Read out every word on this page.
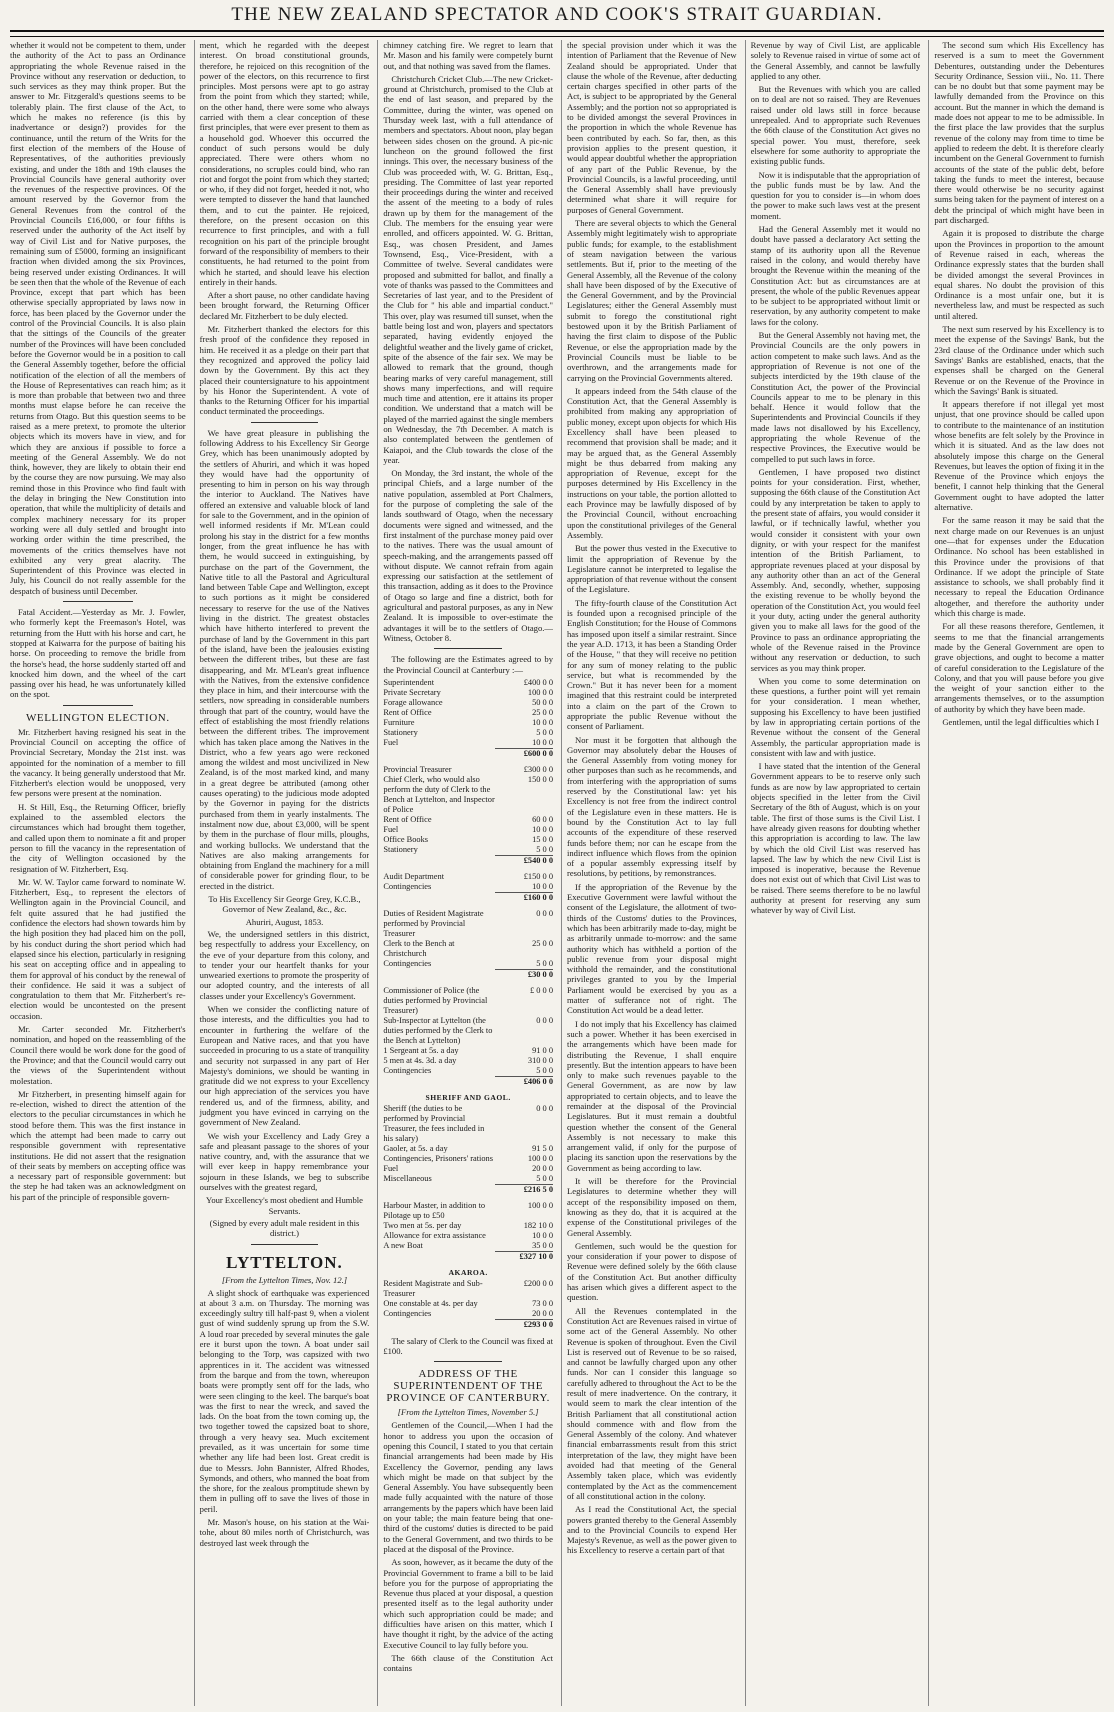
THE NEW ZEALAND SPECTATOR AND COOK'S STRAIT GUARDIAN.

whether it would not be competent to them, under the authority of the Act to pass an Ordinance appropriating the whole Revenue raised in the Province without any reservation or deduction, to such services as they may think proper. But the answer to Mr. Fitzgerald's questions seems to be tolerably plain. The first clause of the Act, to which he makes no reference (is this by inadvertance or design?) provides for the continuance, until the return of the Writs for the first election of the members of the House of Representatives, of the authorities previously existing, and under the 18th and 19th clauses the Provincial Councils have general authority over the revenues of the respective provinces. Of the amount reserved by the Governor from the General Revenues from the control of the Provincial Councils £16,000, or four fifths is reserved under the authority of the Act itself by way of Civil List and for Native purposes, the remaining sum of £5000, forming an insignificant fraction when divided among the six Provinces, being reserved under existing Ordinances. It will be seen then that the whole of the Revenue of each Province, except that part which has been otherwise specially appropriated by laws now in force, has been placed by the Governor under the control of the Provincial Councils. It is also plain that the sittings of the Councils of the greater number of the Provinces will have been concluded before the Governor would be in a position to call the General Assembly together, before the official notification of the election of all the members of the House of Representatives can reach him; as it is more than probable that between two and three months must elapse before he can receive the returns from Otago. But this question seems to be raised as a mere pretext, to promote the ulterior objects which its movers have in view, and for which they are anxious if possible to force a meeting of the General Assembly. We do not think, however, they are likely to obtain their end by the course they are now pursuing. We may also remind those in this Province who find fault with the delay in bringing the New Constitution into operation, that while the multiplicity of details and complex machinery necessary for its proper working were all duly settled and brought into working order within the time prescribed, the movements of the critics themselves have not exhibited any very great alacrity. The Superintendent of this Province was elected in July, his Council do not really assemble for the despatch of business until December.

Fatal Accident.—Yesterday as Mr. J. Fowler, who formerly kept the Freemason's Hotel, was returning from the Hutt with his horse and cart, he stopped at Kaiwarra for the purpose of baiting his horse. On proceeding to remove the bridle from the horse's head, the horse suddenly started off and knocked him down, and the wheel of the cart passing over his head, he was unfortunately killed on the spot.

WELLINGTON ELECTION.

Mr. Fitzherbert having resigned his seat in the Provincial Council on accepting the office of Provincial Secretary, Monday the 21st inst. was appointed for the nomination of a member to fill the vacancy. It being generally understood that Mr. Fitzherbert's election would be unopposed, very few persons were present at the nomination.

H. St Hill, Esq., the Returning Officer, briefly explained to the assembled electors the circumstances which had brought them together, and called upon them to nominate a fit and proper person to fill the vacancy in the representation of the city of Wellington occasioned by the resignation of W. Fitzherbert, Esq.

Mr. W. W. Taylor came forward to nominate W. Fitzherbert, Esq., to represent the electors of Wellington again in the Provincial Council, and felt quite assured that he had justified the confidence the electors had shown towards him by the high position they had placed him on the poll, by his conduct during the short period which had elapsed since his election, particularly in resigning his seat on accepting office and in appealing to them for approval of his conduct by the renewal of their confidence. He said it was a subject of congratulation to them that Mr. Fitzherbert's re-election would be uncontested on the present occasion.

Mr. Carter seconded Mr. Fitzherbert's nomination, and hoped on the reassembling of the Council there would be work done for the good of the Province; and that the Council would carry out the views of the Superintendent without molestation.

Mr Fitzherbert, in presenting himself again for re-election, wished to direct the attention of the electors to the peculiar circumstances in which he stood before them. This was the first instance in which the attempt had been made to carry out responsible government with representative institutions. He did not assert that the resignation of their seats by members on accepting office was a necessary part of responsible government: but the step he had taken was an acknowledgment on his part of the principle of responsible govern-

ment, which he regarded with the deepest interest. On broad constitutional grounds, therefore, he rejoiced on this recognition of the power of the electors, on this recurrence to first principles. Most persons were apt to go astray from the point from which they started; while, on the other hand, there were some who always carried with them a clear conception of these first principles, that were ever present to them as a household god. Whoever this occurred the conduct of such persons would be duly appreciated. There were others whom no considerations, no scruples could bind, who ran riot and forgot the point from which they started; or who, if they did not forget, heeded it not, who were tempted to dissever the hand that launched them, and to cut the painter. He rejoiced, therefore, on the present occasion on this recurrence to first principles, and with a full recognition on his part of the principle brought forward of the responsibility of members to their constituents, he had returned to the point from which he started, and should leave his election entirely in their hands.

After a short pause, no other candidate having been brought forward, the Returning Officer declared Mr. Fitzherbert to be duly elected.

Mr. Fitzherbert thanked the electors for this fresh proof of the confidence they reposed in him. He received it as a pledge on their part that they recognized and approved the policy laid down by the Government. By this act they placed their countersignature to his appointment by his Honor the Superintendent. A vote of thanks to the Returning Officer for his impartial conduct terminated the proceedings.

We have great pleasure in publishing the following Address to his Excellency Sir George Grey, which has been unanimously adopted by the settlers of Ahuriri, and which it was hoped they would have had the opportunity of presenting to him in person on his way through the interior to Auckland. The Natives have offered an extensive and valuable block of land for sale to the Government, and in the opinion of well informed residents if Mr. M'Lean could prolong his stay in the district for a few months longer, from the great influence he has with them, he would succeed in extinguishing, by purchase on the part of the Government, the Native title to all the Pastoral and Agricultural land between Table Cape and Wellington, except to such portions as it might be considered necessary to reserve for the use of the Natives living in the district. The greatest obstacles which have hitherto interfered to prevent the purchase of land by the Government in this part of the island, have been the jealousies existing between the different tribes, but these are fast disappearing, and Mr. M'Lean's great influence with the Natives, from the extensive confidence they place in him, and their intercourse with the settlers, now spreading in considerable numbers through that part of the country, would have the effect of establishing the most friendly relations between the different tribes. The improvement which has taken place among the Natives in the District, who a few years ago were reckoned among the wildest and most uncivilized in New Zealand, is of the most marked kind, and many in a great degree be attributed (among other causes operating) to the judicious mode adopted by the Governor in paying for the districts purchased from them in yearly instalments. The instalment now due, about £3,000, will be spent by them in the purchase of flour mills, ploughs, and working bullocks. We understand that the Natives are also making arrangements for obtaining from England the machinery for a mill of considerable power for grinding flour, to be erected in the district.

To His Excellency Sir George Grey, K.C.B., Governor of New Zealand, &c., &c.
Ahuriri, August, 1853.

We, the undersigned settlers in this district, beg respectfully to address your Excellency, on the eve of your departure from this colony, and to tender your our heartfelt thanks for your unwearied exertions to promote the prosperity of our adopted country, and the interests of all classes under your Excellency's Government.

When we consider the conflicting nature of those interests, and the difficulties you had to encounter in furthering the welfare of the European and Native races, and that you have succeeded in procuring to us a state of tranquility and security not surpassed in any part of Her Majesty's dominions, we should be wanting in gratitude did we not express to your Excellency our high appreciation of the services you have rendered us, and of the firmness, ability, and judgment you have evinced in carrying on the government of New Zealand.

We wish your Excellency and Lady Grey a safe and pleasant passage to the shores of your native country, and, with the assurance that we will ever keep in happy remembrance your sojourn in these Islands, we beg to subscribe ourselves with the greatest regard,

Your Excellency's most obedient and Humble Servants.
(Signed by every adult male resident in this district.)
LYTTELTON.
[From the Lyttelton Times, Nov. 12.]

A slight shock of earthquake was experienced at about 3 a.m. on Thursday. The morning was exceedingly sultry till half-past 9, when a violent gust of wind suddenly sprung up from the S.W. A loud roar preceded by several minutes the gale ere it burst upon the town. A boat under sail belonging to the Torp, was capsized with two apprentices in it. The accident was witnessed from the barque and from the town, whereupon boats were promptly sent off for the lads, who were seen clinging to the keel. The barque's boat was the first to near the wreck, and saved the lads. On the boat from the town coming up, the two together towed the capsized boat to shore, through a very heavy sea. Much excitement prevailed, as it was uncertain for some time whether any life had been lost. Great credit is due to Messrs. John Bannister, Alfred Rhodes, Symonds, and others, who manned the boat from the shore, for the zealous promptitude shewn by them in pulling off to save the lives of those in peril.

Mr. Mason's house, on his station at the Wai-tohe, about 80 miles north of Christchurch, was destroyed last week through the

chimney catching fire. We regret to learn that Mr. Mason and his family were competely burnt out, and that nothing was saved from the flames.

Christchurch Cricket Club.—The new Cricket-ground at Christchurch, promised to the Club at the end of last season, and prepared by the Committee, during the winter, was opened on Thursday week last, with a full attendance of members and spectators. About noon, play began between sides chosen on the ground. A pic-nic luncheon on the ground followed the first innings. This over, the necessary business of the Club was proceeded with, W. G. Brittan, Esq., presiding. The Committee of last year reported their proceedings during the winter and received the assent of the meeting to a body of rules drawn up by them for the management of the Club. The members for the ensuing year were enrolled, and officers appointed. W. G. Brittan, Esq., was chosen President, and James Townsend, Esq., Vice-President, with a Committee of twelve. Several candidates were proposed and submitted for ballot, and finally a vote of thanks was passed to the Committees and Secretaries of last year, and to the President of the Club for " his able and impartial conduct." This over, play was resumed till sunset, when the battle being lost and won, players and spectators separated, having evidently enjoyed the delightful weather and the lively game of cricket, spite of the absence of the fair sex. We may be allowed to remark that the ground, though bearing marks of very careful management, still shows many imperfections, and will require much time and attention, ere it attains its proper condition. We understand that a match will be played of the married against the single members on Wednesday, the 7th December. A match is also contemplated between the gentlemen of Kaiapoi, and the Club towards the close of the year.

On Monday, the 3rd instant, the whole of the principal Chiefs, and a large number of the native population, assembled at Port Chalmers, for the purpose of completing the sale of the lands southward of Otago, when the necessary documents were signed and witnessed, and the first instalment of the purchase money paid over to the natives. There was the usual amount of speech-making, and the arrangements passed off without dispute. We cannot refrain from again expressing our satisfaction at the settlement of this transaction, adding as it does to the Province of Otago so large and fine a district, both for agricultural and pastoral purposes, as any in New Zealand. It is impossible to over-estimate the advantages it will be to the settlers of Otago.—Witness, October 8.

The following are the Estimates agreed to by the Provincial Council at Canterbury :—

Superintendent	£400 0 0
Private Secretary	100 0 0
Forage allowance	50 0 0
Rent of Office	25 0 0
Furniture	10 0 0
Stationery	5 0 0
Fuel	10 0 0
	£600 0 0
Provincial Treasurer	£300 0 0
Chief Clerk, who would also perform the duty of Clerk to the Bench at Lyttelton, and Inspector of Police	150 0 0
Rent of Office	60 0 0
Fuel	10 0 0
Office Books	15 0 0
Stationery	5 0 0
	£540 0 0
Audit Department	£150 0 0
Contingencies	10 0 0
	£160 0 0
Duties of Resident Magistrate performed by Provincial Treasurer	0 0 0
Clerk to the Bench at Christchurch	25 0 0
Contingencies	5 0 0
	£30 0 0
Commissioner of Police (the duties performed by Provincial Treasurer)	£ 0 0 0
Sub-Inspector at Lyttelton (the duties performed by the Clerk to the Bench at Lyttelton)	0 0 0
1 Sergeant at 5s. a day	91 0 0
5 men at 4s. 3d. a day	310 0 0
Contingencies	5 0 0
	£406 0 0
SHERIFF AND GAOL.
Sheriff (the duties to be performed by Provincial Treasurer, the fees included in his salary)	0 0 0
Gaoler, at 5s. a day	91 5 0
Contingencies, Prisoners' rations	100 0 0
Fuel	20 0 0
Miscellaneous	5 0 0
	£216 5 0
Harbour Master, in addition to Pilotage up to £50	100 0 0
Two men at 5s. per day	182 10 0
Allowance for extra assistance	10 0 0
A new Boat	35 0 0
	£327 10 0
AKAROA.
Resident Magistrate and Sub-Treasurer	£200 0 0
One constable at 4s. per day	73 0 0
Contingencies	20 0 0
	£293 0 0

The salary of Clerk to the Council was fixed at £100.

ADDRESS OF THE SUPERINTENDENT OF THE PROVINCE OF CANTERBURY.
[From the Lyttelton Times, November 5.]

Gentlemen of the Council,—When I had the honor to address you upon the occasion of opening this Council, I stated to you that certain financial arrangements had been made by His Excellency the Governor, pending any laws which might be made on that subject by the General Assembly. You have subsequently been made fully acquainted with the nature of those arrangements by the papers which have been laid on your table; the main feature being that one-third of the customs' duties is directed to be paid to the General Government, and two thirds to be placed at the disposal of the Province.

As soon, however, as it became the duty of the Provincial Government to frame a bill to be laid before you for the purpose of appropriating the Revenue thus placed at your disposal, a question presented itself as to the legal authority under which such appropriation could be made; and difficulties have arisen on this matter, which I have thought it right, by the advice of the acting Executive Council to lay fully before you.

The 66th clause of the Constitution Act contains

the special provision under which it was the intention of Parliament that the Revenue of New Zealand should be appropriated. Under that clause the whole of the Revenue, after deducting certain charges specified in other parts of the Act, is subject to be appropriated by the General Assembly; and the portion not so appropriated is to be divided amongst the several Provinces in the proportion in which the whole Revenue has been contributed by each. So far, then, as this provision applies to the present question, it would appear doubtful whether the appropriation of any part of the Public Revenue, by the Provincial Councils, is a lawful proceeding, until the General Assembly shall have previously determined what share it will require for purposes of General Government.

There are several objects to which the General Assembly might legitimately wish to appropriate public funds; for example, to the establishment of steam navigation between the various settlements. But if, prior to the meeting of the General Assembly, all the Revenue of the colony shall have been disposed of by the Executive of the General Government, and by the Provincial Legislatures; either the General Assembly must submit to forego the constitutional right bestowed upon it by the British Parliament of having the first claim to dispose of the Public Revenue, or else the appropriation made by the Provincial Councils must be liable to be overthrown, and the arrangements made for carrying on the Provincial Governments altered.

It appears indeed from the 54th clause of the Constitution Act, that the General Assembly is prohibited from making any appropriation of public money, except upon objects for which His Excellency shall have been pleased to recommend that provision shall be made; and it may be argued that, as the General Assembly might be thus debarred from making any appropriation of Revenue, except for the purposes determined by His Excellency in the instructions on your table, the portion allotted to each Province may be lawfully disposed of by the Provincial Council, without encroaching upon the constitutional privileges of the General Assembly.

But the power thus vested in the Executive to limit the appropriation of Revenue by the Legislature cannot be interpreted to legalise the appropriation of that revenue without the consent of the Legislature.

The fifty-fourth clause of the Constitution Act is founded upon a recognised principle of the English Constitution; for the House of Commons has imposed upon itself a similar restraint. Since the year A.D. 1713, it has been a Standing Order of the House, " that they will receive no petition for any sum of money relating to the public service, but what is recommended by the Crown." But it has never been for a moment imagined that this restraint could be interpreted into a claim on the part of the Crown to appropriate the public Revenue without the consent of Parliament.

Nor must it be forgotten that although the Governor may absolutely debar the Houses of the General Assembly from voting money for other purposes than such as he recommends, and from interfering with the appropriation of sums reserved by the Constitutional law: yet his Excellency is not free from the indirect control of the Legislature even in these matters. He is bound by the Constitution Act to lay full accounts of the expenditure of these reserved funds before them; nor can he escape from the indirect influence which flows from the opinion of a popular assembly expressing itself by resolutions, by petitions, by remonstrances.

If the appropriation of the Revenue by the Executive Government were lawful without the consent of the Legislature, the allotment of two-thirds of the Customs' duties to the Provinces, which has been arbitrarily made to-day, might be as arbitrarily unmade to-morrow: and the same authority which has withheld a portion of the public revenue from your disposal might withhold the remainder, and the constitutional privileges granted to you by the Imperial Parliament would be exercised by you as a matter of sufferance not of right. The Constitution Act would be a dead letter.

I do not imply that his Excellency has claimed such a power. Whether it has been exercised in the arrangements which have been made for distributing the Revenue, I shall enquire presently. But the intention appears to have been only to make such revenues payable to the General Government, as are now by law appropriated to certain objects, and to leave the remainder at the disposal of the Provincial Legislatures. But it must remain a doubtful question whether the consent of the General Assembly is not necessary to make this arrangement valid, if only for the purpose of placing its sanction upon the reservations by the Government as being according to law.

It will be therefore for the Provincial Legislatures to determine whether they will accept of the responsibility imposed on them, knowing as they do, that it is acquired at the expense of the Constitutional privileges of the General Assembly.

Gentlemen, such would be the question for your consideration if your power to dispose of Revenue were defined solely by the 66th clause of the Constitution Act. But another difficulty has arisen which gives a different aspect to the question.

All the Revenues contemplated in the Constitution Act are Revenues raised in virtue of some act of the General Assembly. No other Revenue is spoken of throughout. Even the Civil List is reserved out of Revenue to be so raised, and cannot be lawfully charged upon any other funds. Nor can I consider this language so carefully adhered to throughout the Act to be the result of mere inadvertence. On the contrary, it would seem to mark the clear intention of the British Parliament that all constitutional action should commence with and flow from the General Assembly of the colony. And whatever financial embarrassments result from this strict interpretation of the law, they might have been avoided had that meeting of the General Assembly taken place, which was evidently contemplated by the Act as the commencement of all constitutional action in the colony.

As I read the Constitutional Act, the special powers granted thereby to the General Assembly and to the Provincial Councils to expend Her Majesty's Revenue, as well as the power given to his Excellency to reserve a certain part of that

Revenue by way of Civil List, are applicable solely to Revenue raised in virtue of some act of the General Assembly, and cannot be lawfully applied to any other.

But the Revenues with which you are called on to deal are not so raised. They are Revenues raised under old laws still in force because unrepealed. And to appropriate such Revenues the 66th clause of the Constitution Act gives no special power. You must, therefore, seek elsewhere for some authority to appropriate the existing public funds.

Now it is indisputable that the appropriation of the public funds must be by law. And the question for you to consider is—in whom does the power to make such laws vest at the present moment.

Had the General Assembly met it would no doubt have passed a declaratory Act setting the stamp of its authority upon all the Revenue raised in the colony, and would thereby have brought the Revenue within the meaning of the Constitution Act: but as circumstances are at present, the whole of the public Revenues appear to be subject to be appropriated without limit or reservation, by any authority competent to make laws for the colony.

But the General Assembly not having met, the Provincial Councils are the only powers in action competent to make such laws. And as the appropriation of Revenue is not one of the subjects interdicted by the 19th clause of the Constitution Act, the power of the Provincial Councils appear to me to be plenary in this behalf. Hence it would follow that the Superintendents and Provincial Councils if they made laws not disallowed by his Excellency, appropriating the whole Revenue of the respective Provinces, the Executive would be compelled to put such laws in force.

Gentlemen, I have proposed two distinct points for your consideration. First, whether, supposing the 66th clause of the Constitution Act could by any interpretation be taken to apply to the present state of affairs, you would consider it lawful, or if technically lawful, whether you would consider it consistent with your own dignity, or with your respect for the manifest intention of the British Parliament, to appropriate revenues placed at your disposal by any authority other than an act of the General Assembly. And, secondly, whether, supposing the existing revenue to be wholly beyond the operation of the Constitution Act, you would feel it your duty, acting under the general authority given you to make all laws for the good of the Province to pass an ordinance appropriating the whole of the Revenue raised in the Province without any reservation or deduction, to such services as you may think proper.

When you come to some determination on these questions, a further point will yet remain for your consideration. I mean whether, supposing his Excellency to have been justified by law in appropriating certain portions of the Revenue without the consent of the General Assembly, the particular appropriation made is consistent with law and with justice.

I have stated that the intention of the General Government appears to be to reserve only such funds as are now by law appropriated to certain objects specified in the letter from the Civil Secretary of the 8th of August, which is on your table. The first of those sums is the Civil List. I have already given reasons for doubting whether this appropriation is according to law. The law by which the old Civil List was reserved has lapsed. The law by which the new Civil List is imposed is inoperative, because the Revenue does not exist out of which that Civil List was to be raised. There seems therefore to be no lawful authority at present for reserving any sum whatever by way of Civil List.

The second sum which His Excellency has reserved is a sum to meet the Government Debentures, outstanding under the Debentures Security Ordinance, Session viii., No. 11. There can be no doubt but that some payment may be lawfully demanded from the Province on this account. But the manner in which the demand is made does not appear to me to be admissible. In the first place the law provides that the surplus revenue of the colony may from time to time be applied to redeem the debt. It is therefore clearly incumbent on the General Government to furnish accounts of the state of the public debt, before taking the funds to meet the interest, because there would otherwise be no security against sums being taken for the payment of interest on a debt the principal of which might have been in part discharged.

Again it is proposed to distribute the charge upon the Provinces in proportion to the amount of Revenue raised in each, whereas the Ordinance expressly states that the burden shall be divided amongst the several Provinces in equal shares. No doubt the provision of this Ordinance is a most unfair one, but it is nevertheless law, and must be respected as such until altered.

The next sum reserved by his Excellency is to meet the expense of the Savings' Bank, but the 23rd clause of the Ordinance under which such Savings' Banks are established, enacts, that the expenses shall be charged on the General Revenue or on the Revenue of the Province in which the Savings' Bank is situated.

It appears therefore if not illegal yet most unjust, that one province should be called upon to contribute to the maintenance of an institution whose benefits are felt solely by the Province in which it is situated. And as the law does not absolutely impose this charge on the General Revenues, but leaves the option of fixing it in the Revenue of the Province which enjoys the benefit, I cannot help thinking that the General Government ought to have adopted the latter alternative.

For the same reason it may be said that the next charge made on our Revenues is an unjust one—that for expenses under the Education Ordinance. No school has been established in this Province under the provisions of that Ordinance. If we adopt the principle of State assistance to schools, we shall probably find it necessary to repeal the Education Ordinance altogether, and therefore the authority under which this charge is made.

For all these reasons therefore, Gentlemen, it seems to me that the financial arrangements made by the General Government are open to grave objections, and ought to become a matter of careful consideration to the Legislature of the Colony, and that you will pause before you give the weight of your sanction either to the arrangements themselves, or to the assumption of authority by which they have been made.

Gentlemen, until the legal difficulties which I
